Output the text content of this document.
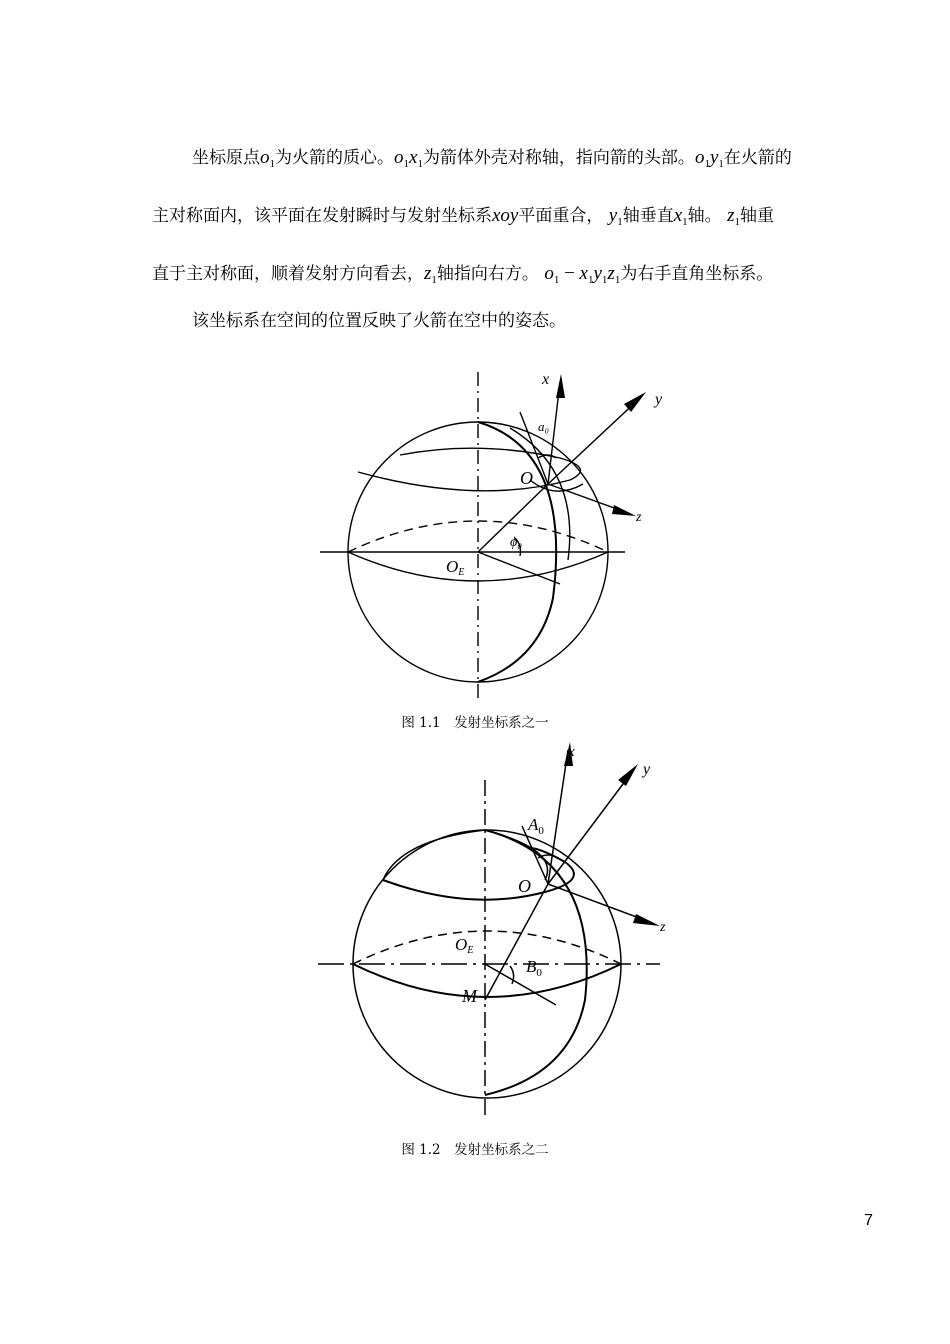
坐标原点$o_1$为火箭的质心。$o_1x_1$为箭体外壳对称轴，指向箭的头部。$o_1y_1$在火箭的
主对称面内，该平面在发射瞬时与发射坐标系xoy平面重合， $y_1$轴垂直$x_1$轴。 $z_1$轴重
直于主对称面，顺着发射方向看去，$z_1$轴指向右方。 $o_1 - x_1y_1z_1$为右手直角坐标系。
该坐标系在空间的位置反映了火箭在空中的姿态。
x
y
z
a₀
O
ϕ₀
OE
图 1.1　发射坐标系之一
x
y
z
$A_0$
O
OE
$B_0$
M
图 1.2　发射坐标系之二
7
